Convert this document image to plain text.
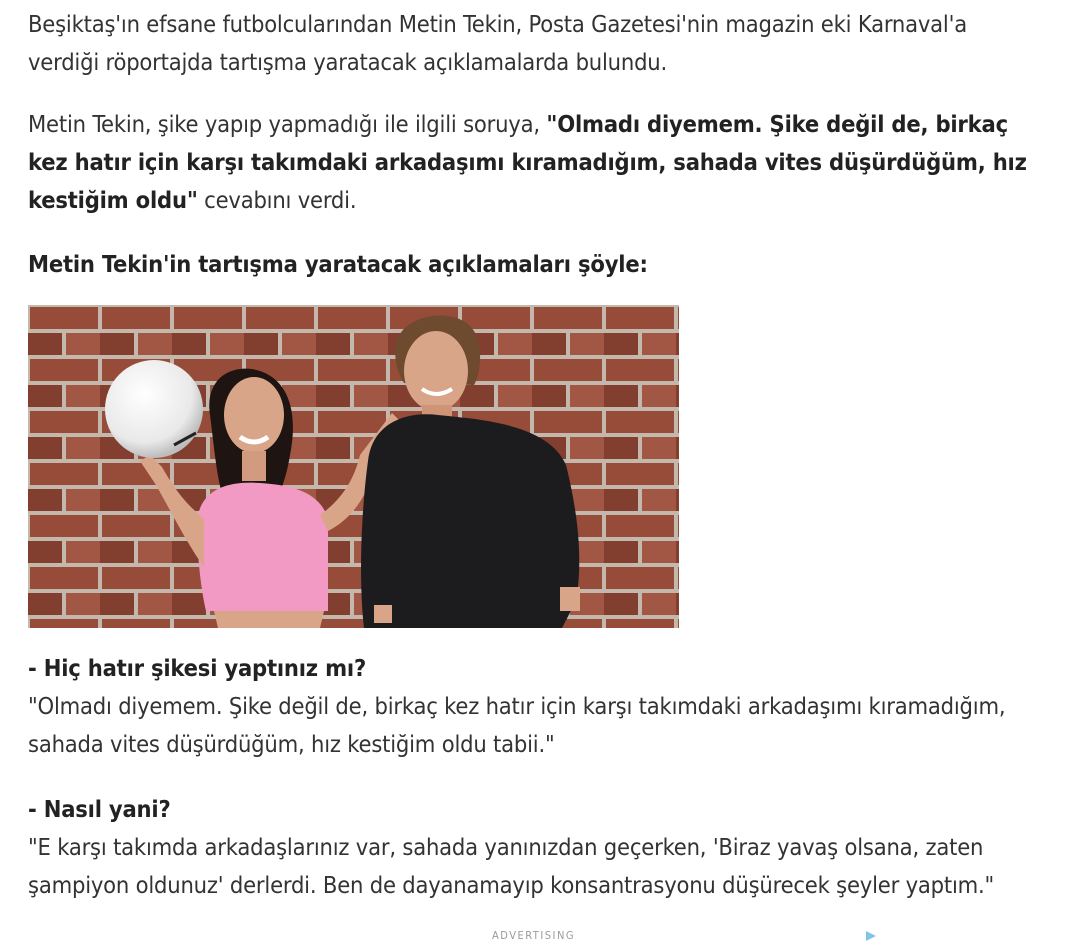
Beşiktaş'ın efsane futbolcularından Metin Tekin, Posta Gazetesi'nin magazin eki Karnaval'a verdiği röportajda tartışma yaratacak açıklamalarda bulundu.

Metin Tekin, şike yapıp yapmadığı ile ilgili soruya, "Olmadı diyemem. Şike değil de, birkaç kez hatır için karşı takımdaki arkadaşımı kıramadığım, sahada vites düşürdüğüm, hız kestiğim oldu" cevabını verdi.

Metin Tekin'in tartışma yaratacak açıklamaları şöyle:

- Hiç hatır şikesi yaptınız mı?
"Olmadı diyemem. Şike değil de, birkaç kez hatır için karşı takımdaki arkadaşımı kıramadığım, sahada vites düşürdüğüm, hız kestiğim oldu tabii."
- Nasıl yani?
"E karşı takımda arkadaşlarınız var, sahada yanınızdan geçerken, 'Biraz yavaş olsana, zaten şampiyon oldunuz' derlerdi. Ben de dayanamayıp konsantrasyonu düşürecek şeyler yaptım."
ADVERTISING
